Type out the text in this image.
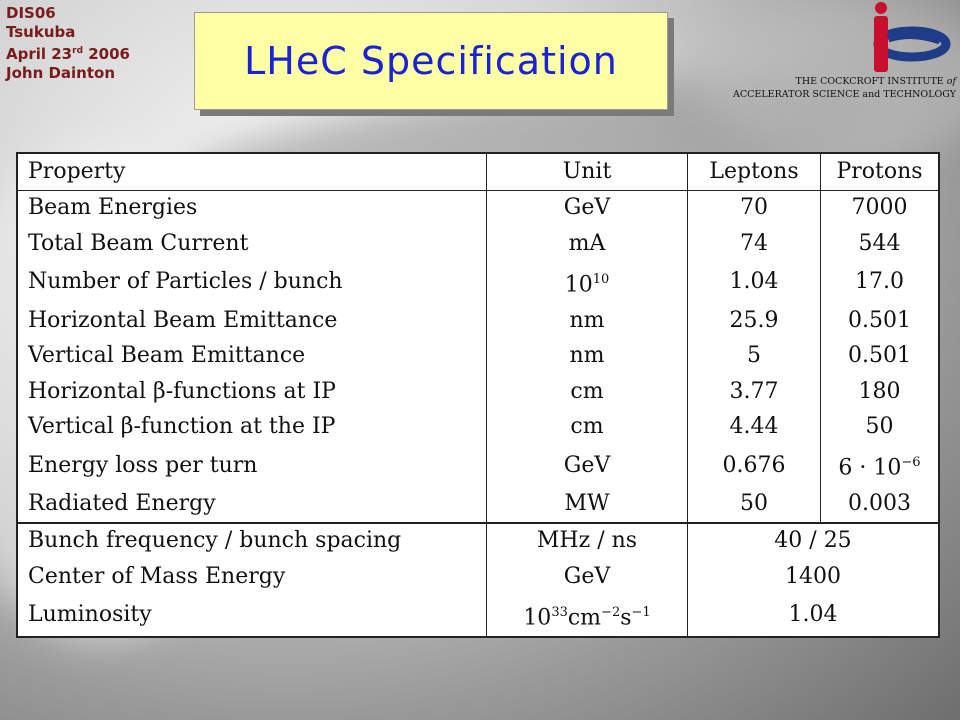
DIS06
Tsukuba
April 23rd 2006
John Dainton	LHeC Specification	THE COCKCROFT INSTITUTE of
ACCELERATOR SCIENCE and TECHNOLOGY
Property	Unit	Leptons	Protons
Beam Energies	GeV	70	7000
Total Beam Current	mA	74	544
Number of Particles / bunch	$10^{10}$	1.04	17.0
Horizontal Beam Emittance	nm	25.9	0.501
Vertical Beam Emittance	nm	5	0.501
Horizontal β-functions at IP	cm	3.77	180
Vertical β-function at the IP	cm	4.44	50
Energy loss per turn	GeV	0.676	$6 \cdot 10^{-6}$
Radiated Energy	MW	50	0.003
Bunch frequency / bunch spacing	MHz / ns	40 / 25	
Center of Mass Energy	GeV	1400	
Luminosity	$10^{33}cm^{-2}s^{-1}$	1.04	
